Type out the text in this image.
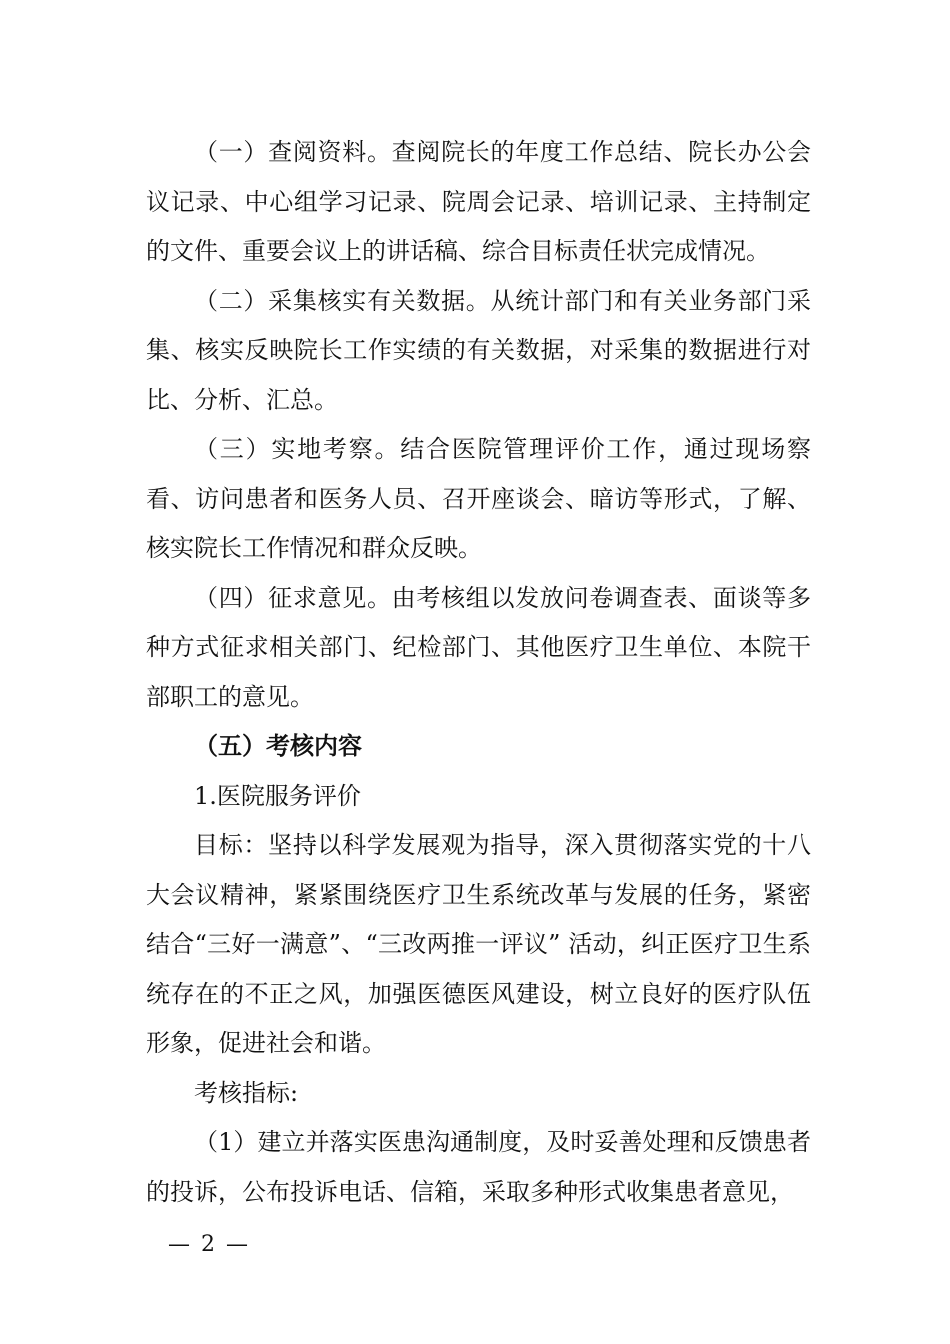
（一）查阅资料。查阅院长的年度工作总结、院长办公会议记录、中心组学习记录、院周会记录、培训记录、主持制定的文件、重要会议上的讲话稿、综合目标责任状完成情况。

（二）采集核实有关数据。从统计部门和有关业务部门采集、核实反映院长工作实绩的有关数据，对采集的数据进行对比、分析、汇总。

（三）实地考察。结合医院管理评价工作，通过现场察看、访问患者和医务人员、召开座谈会、暗访等形式，了解、核实院长工作情况和群众反映。

（四）征求意见。由考核组以发放问卷调查表、面谈等多种方式征求相关部门、纪检部门、其他医疗卫生单位、本院干部职工的意见。

（五）考核内容

1.医院服务评价

目标：坚持以科学发展观为指导，深入贯彻落实党的十八大会议精神，紧紧围绕医疗卫生系统改革与发展的任务，紧密结合“三好一满意”、“三改两推一评议” 活动，纠正医疗卫生系统存在的不正之风，加强医德医风建设，树立良好的医疗队伍形象，促进社会和谐。

考核指标:

（1）建立并落实医患沟通制度，及时妥善处理和反馈患者的投诉，公布投诉电话、信箱，采取多种形式收集患者意见，

— 2 —
